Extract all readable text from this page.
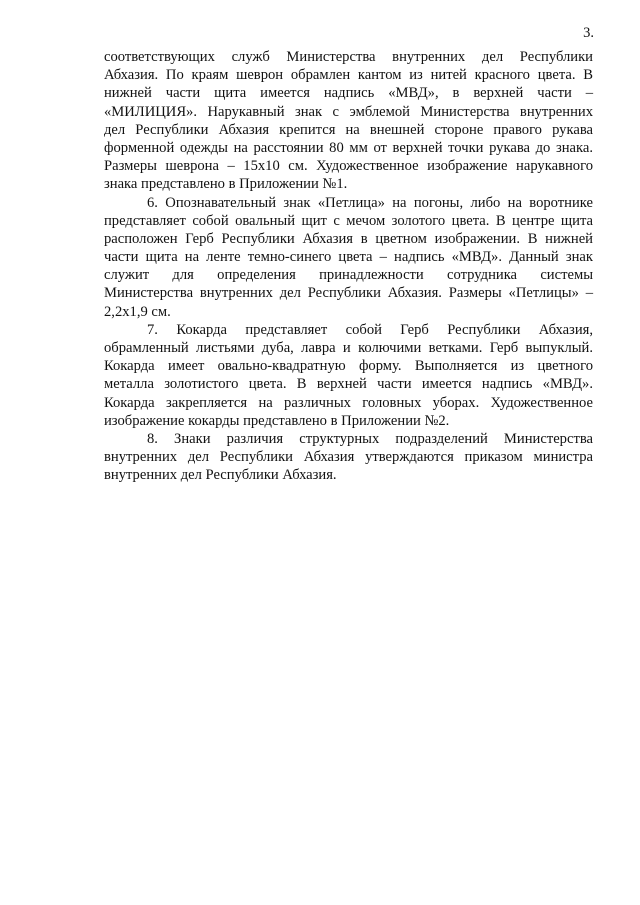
3.
соответствующих служб Министерства внутренних дел Республики
Абхазия. По краям шеврон обрамлен кантом из нитей красного цвета. В
нижней части щита имеется надпись «МВД», в верхней части –
«МИЛИЦИЯ». Нарукавный знак с эмблемой Министерства внутренних
дел Республики Абхазия крепится на внешней стороне правого рукава
форменной одежды на расстоянии 80 мм от верхней точки рукава до знака.
Размеры шеврона – 15х10 см. Художественное изображение нарукавного
знака представлено в Приложении №1.
6. Опознавательный знак «Петлица» на погоны, либо на воротнике
представляет собой овальный щит с мечом золотого цвета. В центре щита
расположен Герб Республики Абхазия в цветном изображении. В нижней
части щита на ленте темно-синего цвета – надпись «МВД». Данный знак
служит для определения принадлежности сотрудника системы
Министерства внутренних дел Республики Абхазия. Размеры «Петлицы» –
2,2х1,9 см.
7. Кокарда представляет собой Герб Республики Абхазия,
обрамленный листьями дуба, лавра и колючими ветками. Герб выпуклый.
Кокарда имеет овально-квадратную форму. Выполняется из цветного
металла золотистого цвета. В верхней части имеется надпись «МВД».
Кокарда закрепляется на различных головных уборах. Художественное
изображение кокарды представлено в Приложении №2.
8. Знаки различия структурных подразделений Министерства
внутренних дел Республики Абхазия утверждаются приказом министра
внутренних дел Республики Абхазия.
